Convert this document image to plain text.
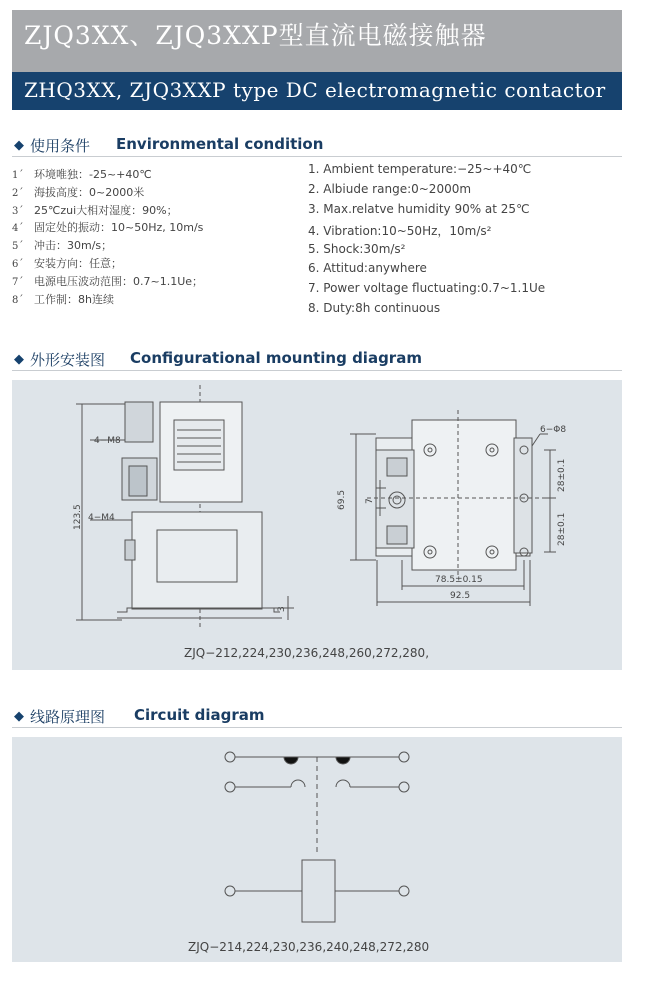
ZJQ3XX、ZJQ3XXP型直流电磁接触器
ZHQ3XX, ZJQ3XXP type DC electromagnetic contactor
◆ 使用条件 Environmental condition
1ˊ 环境唯独：-25~+40℃
2ˊ 海拔高度：0~2000米
3ˊ 25℃zui大相对湿度：90%；
4ˊ 固定处的振动：10~50Hz, 10m/s
5ˊ 冲击：30m/s；
6ˊ 安装方向：任意；
7ˊ 电源电压波动范围：0.7~1.1Ue；
8ˊ 工作制：8h连续
1. Ambient temperature:−25~+40℃
2. Albiude range:0~2000m
3. Max.relatve humidity 90% at 25℃
4. Vibration:10~50Hz，10m/s²
5. Shock:30m/s²
6. Attitud:anywhere
7. Power voltage fluctuating:0.7~1.1Ue
8. Duty:8h continuous
◆ 外形安装图 Configurational mounting diagram
4−M8
4−M4
123.5
3
6−Φ8
69.5 7
28±0.1
28±0.1
78.5±0.15
92.5
ZJQ−212,224,230,236,248,260,272,280,
◆ 线路原理图 Circuit diagram
ZJQ−214,224,230,236,240,248,272,280
